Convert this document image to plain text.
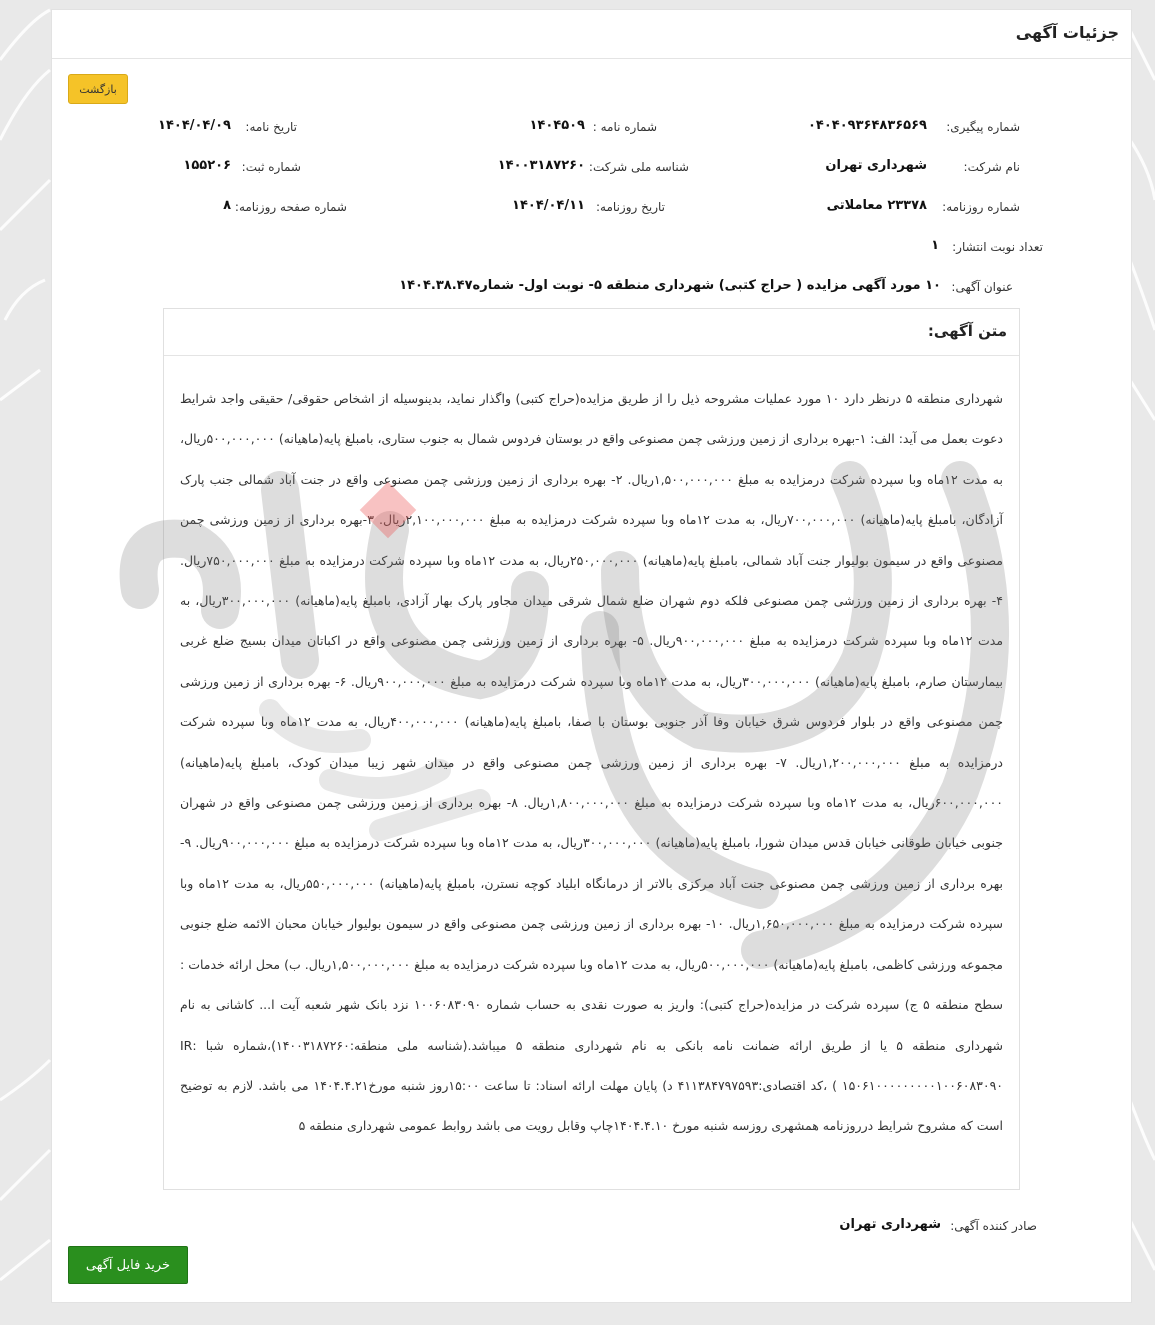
جزئیات آگهی
بازگشت
شماره پیگیری:
۰۴۰۴۰۹۳۶۴۸۳۶۵۶۹
شماره نامه :
۱۴۰۴۵۰۹
تاریخ نامه:
۱۴۰۴/۰۴/۰۹
نام شرکت:
شهرداری تهران
شناسه ملی شرکت:
۱۴۰۰۳۱۸۷۲۶۰
شماره ثبت:
۱۵۵۲۰۶
شماره روزنامه:
۲۳۳۷۸ معاملاتی
تاریخ روزنامه:
۱۴۰۴/۰۴/۱۱
شماره صفحه روزنامه:
۸
تعداد نوبت انتشار:
۱
عنوان آگهی:
۱۰ مورد آگهی مزایده ( حراج کتبی) شهرداری منطقه ۵- نوبت اول- شماره۱۴۰۴.۳۸.۴۷
متن آگهی:
شهرداری منطقه ۵ درنظر دارد ۱۰ مورد عملیات مشروحه ذیل را از طریق مزایده(حراج کتبی) واگذار نماید، بدینوسیله از اشخاص حقوقی/ حقیقی واجد شرایط دعوت بعمل می آید: الف: ۱-بهره برداری از زمین ورزشی چمن مصنوعی واقع در بوستان فردوس شمال به جنوب ستاری، بامبلغ پایه(ماهیانه) ۵۰۰,۰۰۰,۰۰۰ریال، به مدت ۱۲ماه وبا سپرده شرکت درمزایده به مبلغ ۱,۵۰۰,۰۰۰,۰۰۰ریال. ۲- بهره برداری از زمین ورزشی چمن مصنوعی واقع در جنت آباد شمالی جنب پارک آزادگان، بامبلغ پایه(ماهیانه) ۷۰۰,۰۰۰,۰۰۰ریال، به مدت ۱۲ماه وبا سپرده شرکت درمزایده به مبلغ ۲,۱۰۰,۰۰۰,۰۰۰ریال. ۳-بهره برداری از زمین ورزشی چمن مصنوعی واقع در سیمون بولیوار جنت آباد شمالی، بامبلغ پایه(ماهیانه) ۲۵۰,۰۰۰,۰۰۰ریال، به مدت ۱۲ماه وبا سپرده شرکت درمزایده به مبلغ ۷۵۰,۰۰۰,۰۰۰ریال. ۴- بهره برداری از زمین ورزشی چمن مصنوعی فلکه دوم شهران ضلع شمال شرقی میدان مجاور پارک بهار آزادی، بامبلغ پایه(ماهیانه) ۳۰۰,۰۰۰,۰۰۰ریال، به مدت ۱۲ماه وبا سپرده شرکت درمزایده به مبلغ ۹۰۰,۰۰۰,۰۰۰ریال. ۵- بهره برداری از زمین ورزشی چمن مصنوعی واقع در اکباتان میدان بسیج ضلع غربی بیمارستان صارم، بامبلغ پایه(ماهیانه) ۳۰۰,۰۰۰,۰۰۰ریال، به مدت ۱۲ماه وبا سپرده شرکت درمزایده به مبلغ ۹۰۰,۰۰۰,۰۰۰ریال. ۶- بهره برداری از زمین ورزشی چمن مصنوعی واقع در بلوار فردوس شرق خیابان وفا آذر جنوبی بوستان با صفا، بامبلغ پایه(ماهیانه) ۴۰۰,۰۰۰,۰۰۰ریال، به مدت ۱۲ماه وبا سپرده شرکت درمزایده به مبلغ ۱,۲۰۰,۰۰۰,۰۰۰ریال. ۷- بهره برداری از زمین ورزشی چمن مصنوعی واقع در میدان شهر زیبا میدان کودک، بامبلغ پایه(ماهیانه) ۶۰۰,۰۰۰,۰۰۰ریال، به مدت ۱۲ماه وبا سپرده شرکت درمزایده به مبلغ ۱,۸۰۰,۰۰۰,۰۰۰ریال. ۸- بهره برداری از زمین ورزشی چمن مصنوعی واقع در شهران جنوبی خیابان طوقانی خیابان قدس میدان شورا، بامبلغ پایه(ماهیانه) ۳۰۰,۰۰۰,۰۰۰ریال، به مدت ۱۲ماه وبا سپرده شرکت درمزایده به مبلغ ۹۰۰,۰۰۰,۰۰۰ریال. ۹-بهره برداری از زمین ورزشی چمن مصنوعی جنت آباد مرکزی بالاتر از درمانگاه ابلیاد کوچه نسترن، بامبلغ پایه(ماهیانه) ۵۵۰,۰۰۰,۰۰۰ریال، به مدت ۱۲ماه وبا سپرده شرکت درمزایده به مبلغ ۱,۶۵۰,۰۰۰,۰۰۰ریال. ۱۰- بهره برداری از زمین ورزشی چمن مصنوعی واقع در سیمون بولیوار خیابان محبان الائمه ضلع جنوبی مجموعه ورزشی کاظمی، بامبلغ پایه(ماهیانه) ۵۰۰,۰۰۰,۰۰۰ریال، به مدت ۱۲ماه وبا سپرده شرکت درمزایده به مبلغ ۱,۵۰۰,۰۰۰,۰۰۰ریال. ب) محل ارائه خدمات : سطح منطقه ۵ ج) سپرده شرکت در مزایده(حراج کتبی): واریز به صورت نقدی به حساب شماره ۱۰۰۶۰۸۳۰۹۰ نزد بانک شهر شعبه آیت ا... کاشانی به نام شهرداری منطقه ۵ یا از طریق ارائه ضمانت نامه بانکی به نام شهرداری منطقه ۵ میباشد.(شناسه ملی منطقه:۱۴۰۰۳۱۸۷۲۶۰)،شماره شبا :IR ۱۵۰۶۱۰۰۰۰۰۰۰۰۰۱۰۰۶۰۸۳۰۹۰ ) ،کد اقتصادی:۴۱۱۳۸۴۷۹۷۵۹۳ د) پایان مهلت ارائه اسناد: تا ساعت ۱۵:۰۰روز شنبه مورخ۱۴۰۴.۴.۲۱ می باشد. لازم به توضیح است که مشروح شرایط درروزنامه همشهری روزسه شنبه مورخ ۱۴۰۴.۴.۱۰چاپ وقابل رویت می باشد روابط عمومی شهرداری منطقه ۵
صادر کننده آگهی:
شهرداری تهران
خرید فایل آگهی
